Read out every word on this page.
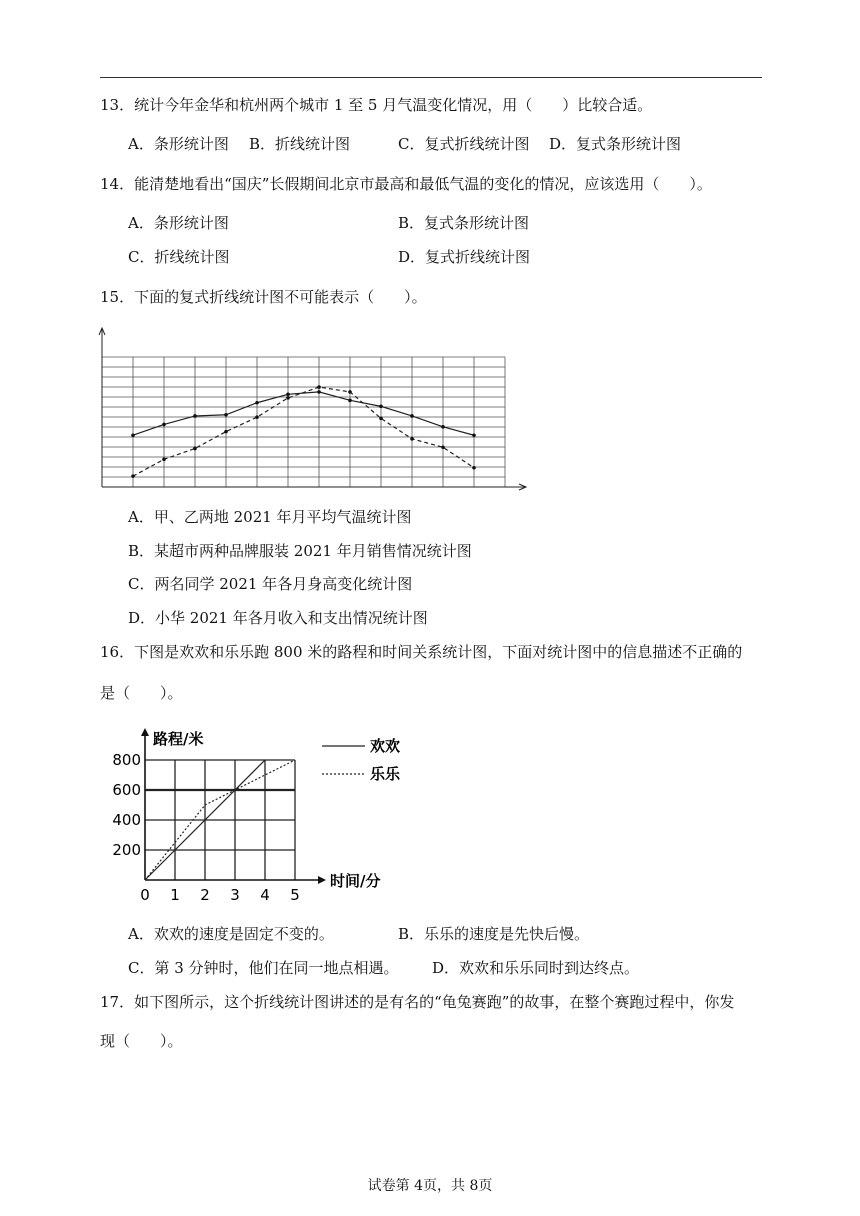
13．统计今年金华和杭州两个城市 1 至 5 月气温变化情况，用（　　）比较合适。
A．条形统计图 B．折线统计图	C．复式折线统计图 D．复式条形统计图
14．能清楚地看出“国庆”长假期间北京市最高和最低气温的变化的情况，应该选用（　　）。
A．条形统计图	B．复式条形统计图
C．折线统计图	D．复式折线统计图
15．下面的复式折线统计图不可能表示（　　）。
A．甲、乙两地 2021 年月平均气温统计图
B．某超市两种品牌服装 2021 年月销售情况统计图
C．两名同学 2021 年各月身高变化统计图
D．小华 2021 年各月收入和支出情况统计图
16．下图是欢欢和乐乐跑 800 米的路程和时间关系统计图，下面对统计图中的信息描述不正确的
是（　　）。
0 1 2 3 4 5
200
400
600
800
路程/米
时间/分
欢欢
乐乐
A．欢欢的速度是固定不变的。	B．乐乐的速度是先快后慢。
C．第 3 分钟时，他们在同一地点相遇。 D．欢欢和乐乐同时到达终点。
17．如下图所示，这个折线统计图讲述的是有名的“龟兔赛跑”的故事，在整个赛跑过程中，你发
现（　　）。
试卷第 4页，共 8页
